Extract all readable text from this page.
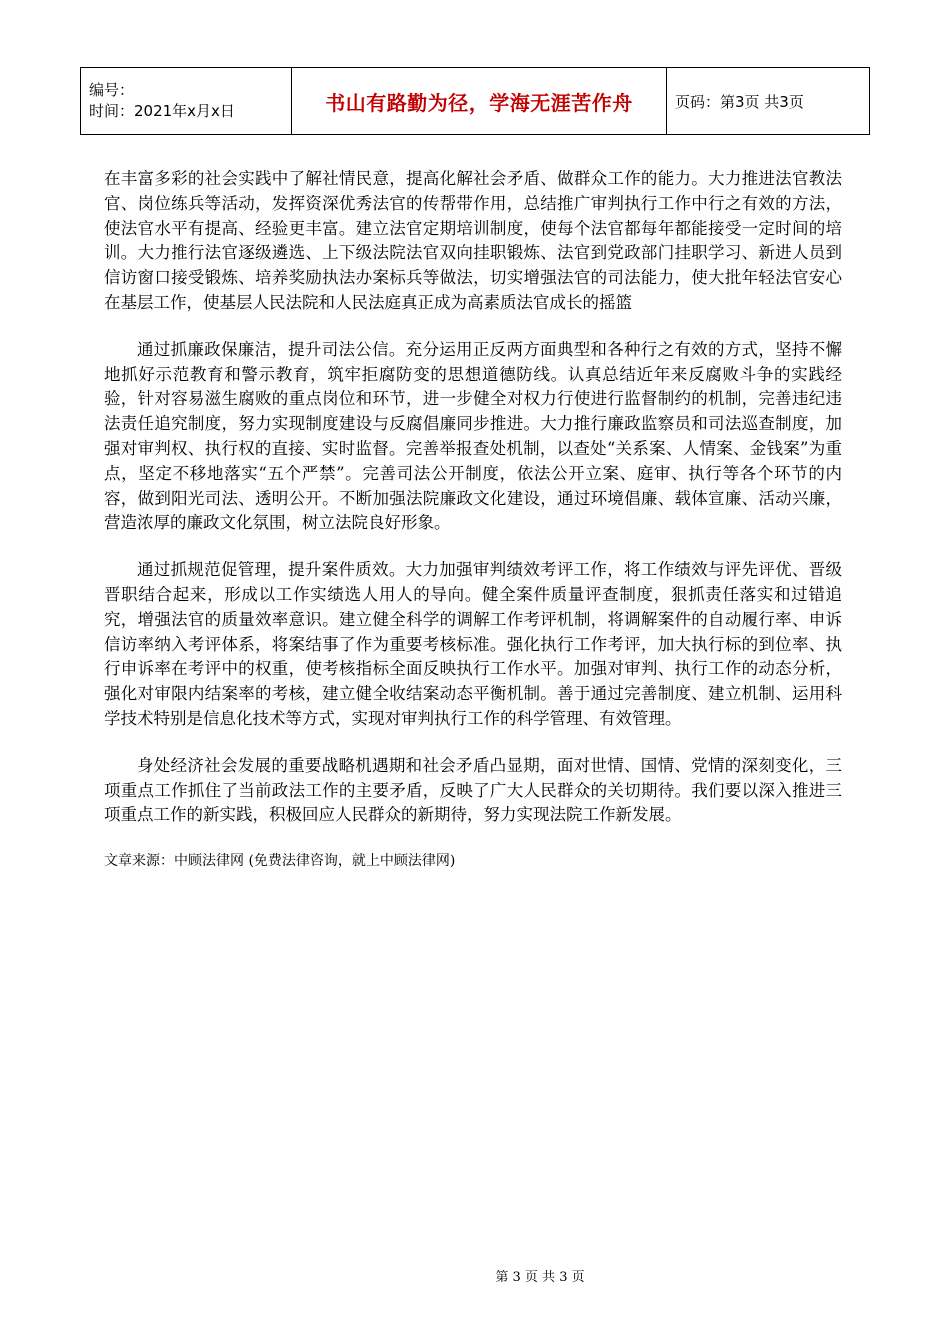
编号：
时间：2021年x月x日	书山有路勤为径，学海无涯苦作舟	页码：第3页 共3页

在丰富多彩的社会实践中了解社情民意，提高化解社会矛盾、做群众工作的能力。大力推进法官教法官、岗位练兵等活动，发挥资深优秀法官的传帮带作用，总结推广审判执行工作中行之有效的方法，使法官水平有提高、经验更丰富。建立法官定期培训制度，使每个法官都每年都能接受一定时间的培训。大力推行法官逐级遴选、上下级法院法官双向挂职锻炼、法官到党政部门挂职学习、新进人员到信访窗口接受锻炼、培养奖励执法办案标兵等做法，切实增强法官的司法能力，使大批年轻法官安心在基层工作，使基层人民法院和人民法庭真正成为高素质法官成长的摇篮

通过抓廉政保廉洁，提升司法公信。充分运用正反两方面典型和各种行之有效的方式，坚持不懈地抓好示范教育和警示教育，筑牢拒腐防变的思想道德防线。认真总结近年来反腐败斗争的实践经验，针对容易滋生腐败的重点岗位和环节，进一步健全对权力行使进行监督制约的机制，完善违纪违法责任追究制度，努力实现制度建设与反腐倡廉同步推进。大力推行廉政监察员和司法巡查制度，加强对审判权、执行权的直接、实时监督。完善举报查处机制，以查处“关系案、人情案、金钱案”为重点，坚定不移地落实“五个严禁”。完善司法公开制度，依法公开立案、庭审、执行等各个环节的内容，做到阳光司法、透明公开。不断加强法院廉政文化建设，通过环境倡廉、载体宣廉、活动兴廉，营造浓厚的廉政文化氛围，树立法院良好形象。

通过抓规范促管理，提升案件质效。大力加强审判绩效考评工作，将工作绩效与评先评优、晋级晋职结合起来，形成以工作实绩选人用人的导向。健全案件质量评查制度，狠抓责任落实和过错追究，增强法官的质量效率意识。建立健全科学的调解工作考评机制，将调解案件的自动履行率、申诉信访率纳入考评体系，将案结事了作为重要考核标准。强化执行工作考评，加大执行标的到位率、执行申诉率在考评中的权重，使考核指标全面反映执行工作水平。加强对审判、执行工作的动态分析，强化对审限内结案率的考核，建立健全收结案动态平衡机制。善于通过完善制度、建立机制、运用科学技术特别是信息化技术等方式，实现对审判执行工作的科学管理、有效管理。

身处经济社会发展的重要战略机遇期和社会矛盾凸显期，面对世情、国情、党情的深刻变化，三项重点工作抓住了当前政法工作的主要矛盾，反映了广大人民群众的关切期待。我们要以深入推进三项重点工作的新实践，积极回应人民群众的新期待，努力实现法院工作新发展。

文章来源：中顾法律网 (免费法律咨询，就上中顾法律网)

第 3 页 共 3 页
